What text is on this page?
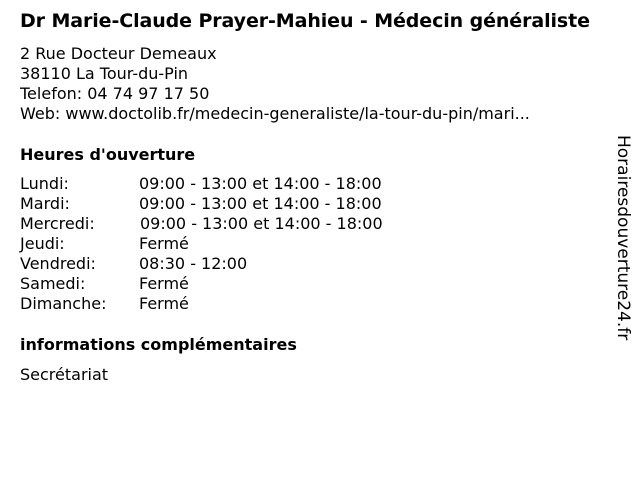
Dr Marie-Claude Prayer-Mahieu - Médecin généraliste
2 Rue Docteur Demeaux
38110 La Tour-du-Pin
Telefon: 04 74 97 17 50
Web: www.doctolib.fr/medecin-generaliste/la-tour-du-pin/mari...
Heures d'ouverture
Lundi:	09:00 - 13:00 et 14:00 - 18:00
Mardi:	09:00 - 13:00 et 14:00 - 18:00
Mercredi:	09:00 - 13:00 et 14:00 - 18:00
Jeudi:	Fermé
Vendredi:	08:30 - 12:00
Samedi:	Fermé
Dimanche:	Fermé
informations complémentaires
Secrétariat
Horairesdouverture24.fr
